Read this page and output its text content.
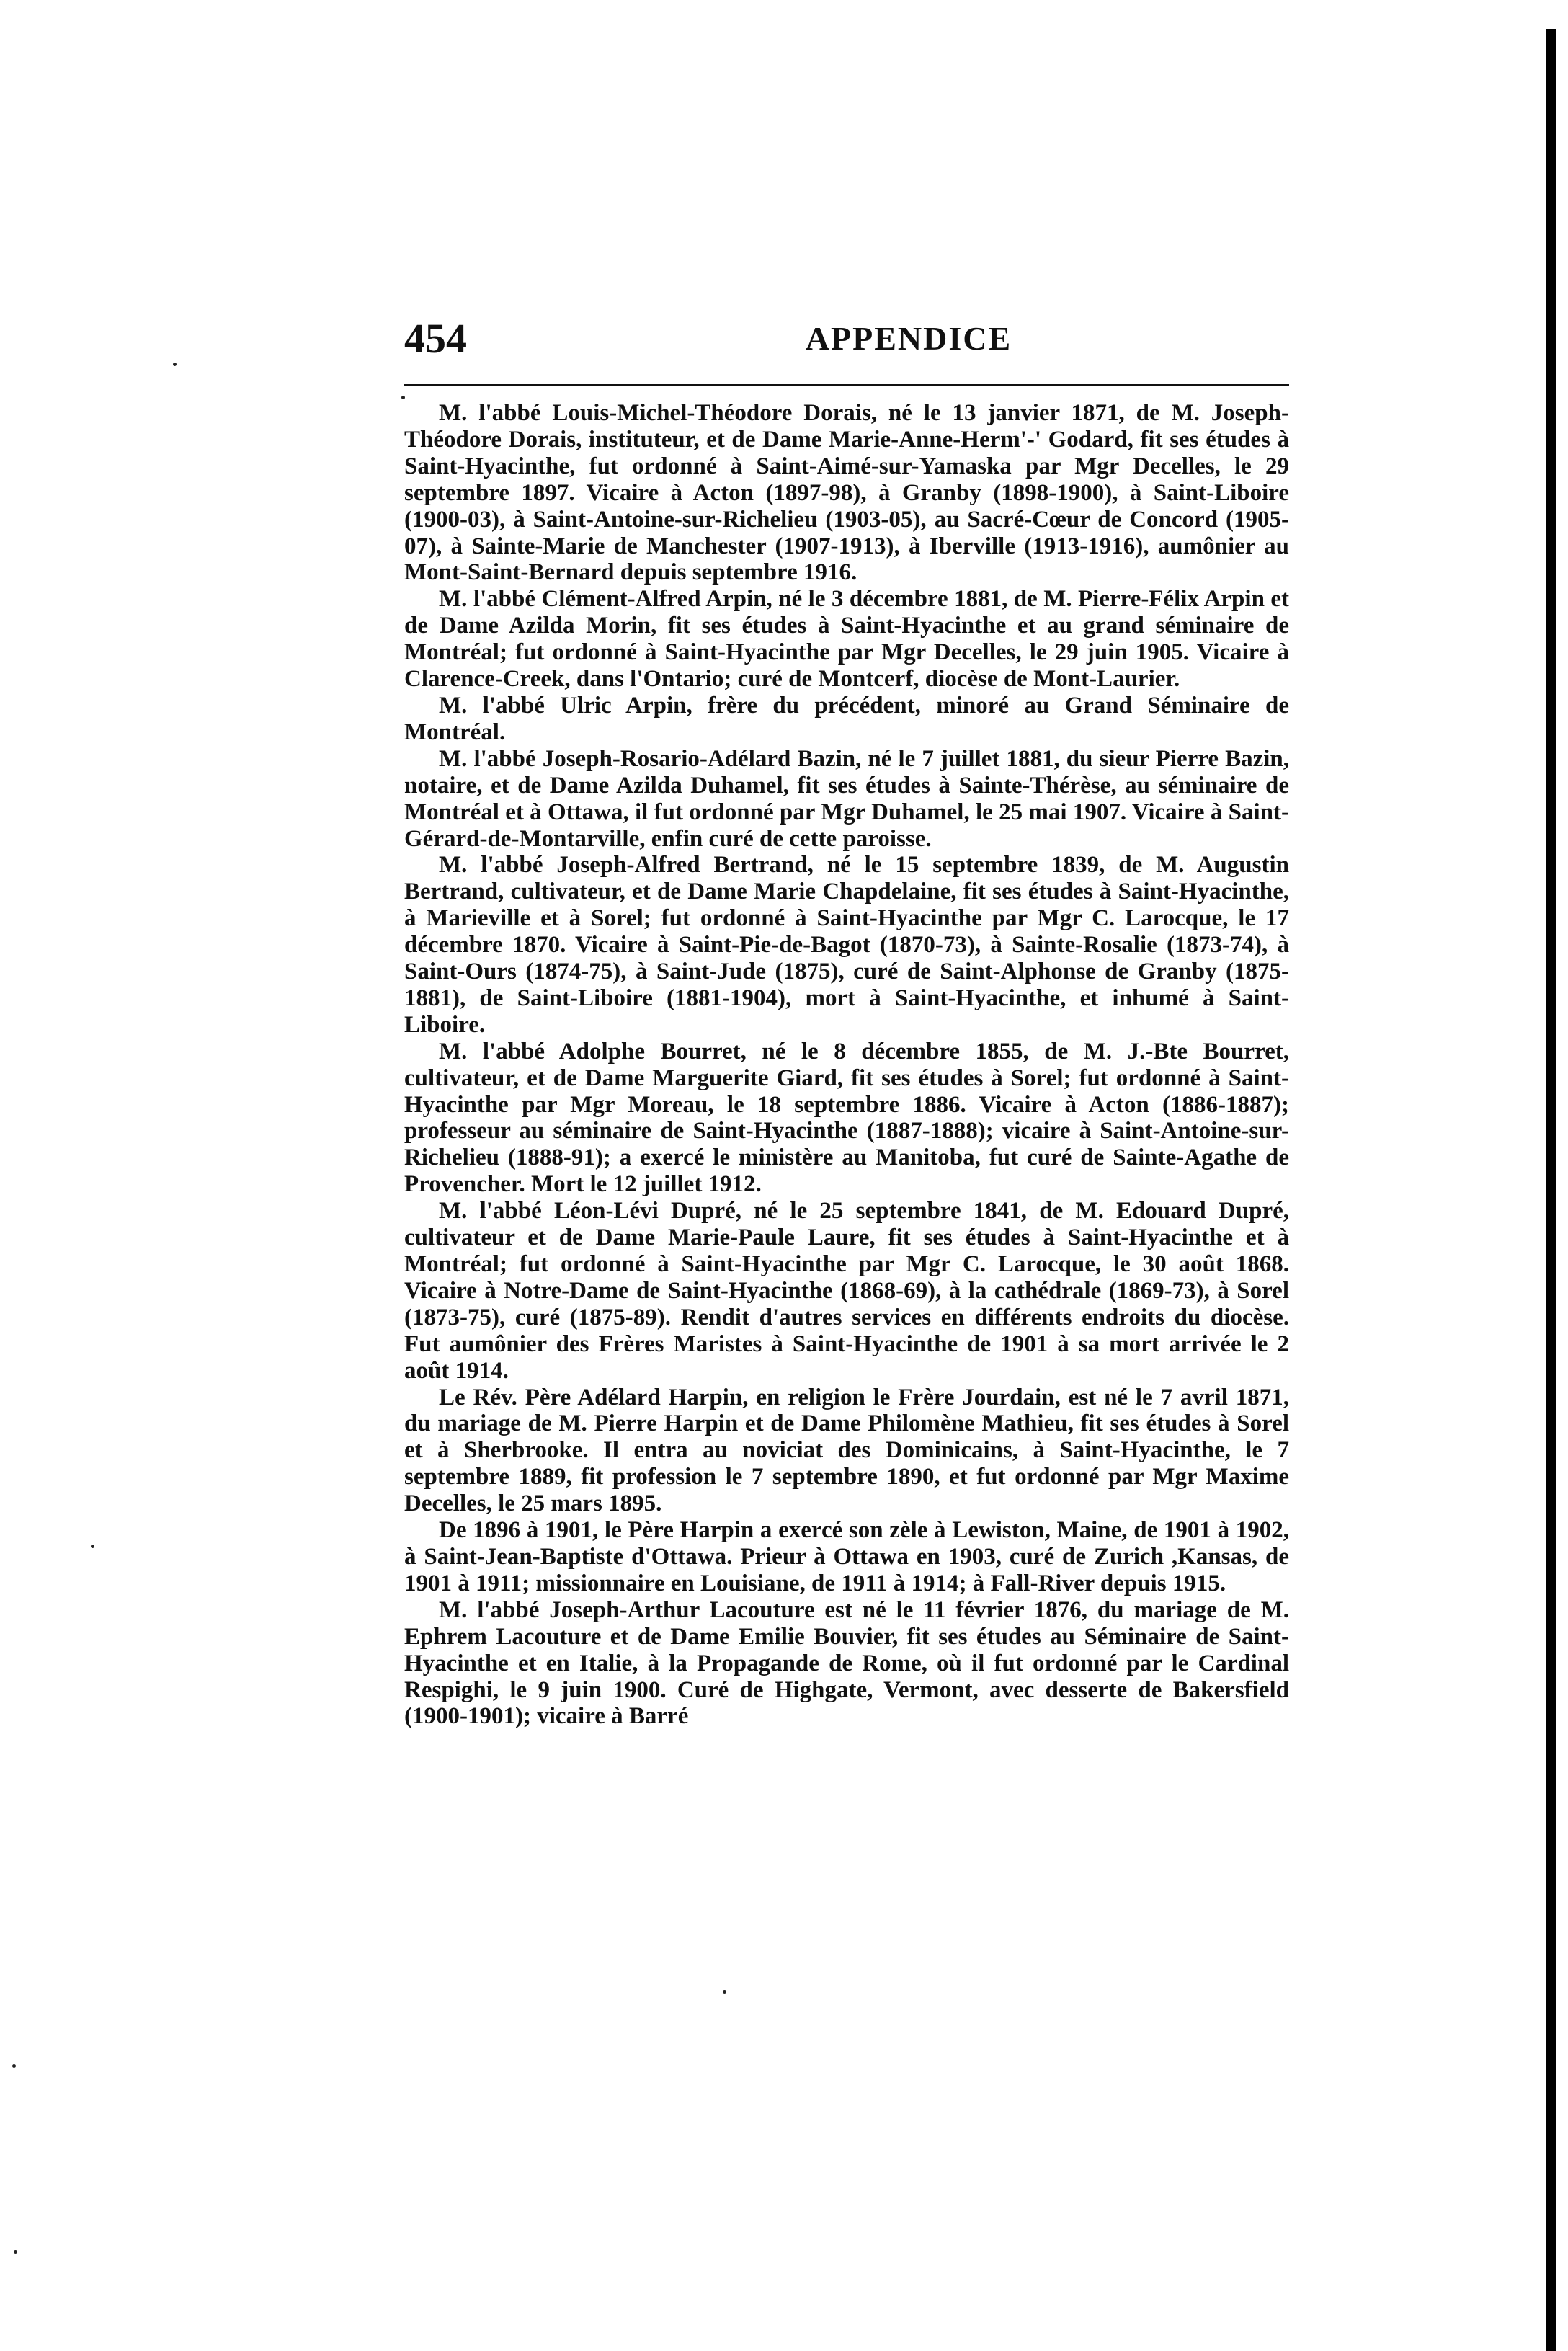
454	APPENDICE

M. l'abbé Louis-Michel-Théodore Dorais, né le 13 janvier 1871, de M. Joseph-Théodore Dorais, instituteur, et de Dame Marie-Anne-Herm'-' Godard, fit ses études à Saint-Hyacinthe, fut ordonné à Saint-Aimé-sur-Yamaska par Mgr Decelles, le 29 septembre 1897. Vicaire à Acton (1897-98), à Granby (1898-1900), à Saint-Liboire (1900-03), à Saint-Antoine-sur-Richelieu (1903-05), au Sacré-Cœur de Concord (1905-07), à Sainte-Marie de Manchester (1907-1913), à Iberville (1913-1916), aumônier au Mont-Saint-Bernard depuis septembre 1916.

M. l'abbé Clément-Alfred Arpin, né le 3 décembre 1881, de M. Pierre-Félix Arpin et de Dame Azilda Morin, fit ses études à Saint-Hyacinthe et au grand séminaire de Montréal; fut ordonné à Saint-Hyacinthe par Mgr Decelles, le 29 juin 1905. Vicaire à Clarence-Creek, dans l'Ontario; curé de Montcerf, diocèse de Mont-Laurier.

M. l'abbé Ulric Arpin, frère du précédent, minoré au Grand Séminaire de Montréal.

M. l'abbé Joseph-Rosario-Adélard Bazin, né le 7 juillet 1881, du sieur Pierre Bazin, notaire, et de Dame Azilda Duhamel, fit ses études à Sainte-Thérèse, au séminaire de Montréal et à Ottawa, il fut ordonné par Mgr Duhamel, le 25 mai 1907. Vicaire à Saint-Gérard-de-Montarville, enfin curé de cette paroisse.

M. l'abbé Joseph-Alfred Bertrand, né le 15 septembre 1839, de M. Augustin Bertrand, cultivateur, et de Dame Marie Chapdelaine, fit ses études à Saint-Hyacinthe, à Marieville et à Sorel; fut ordonné à Saint-Hyacinthe par Mgr C. Larocque, le 17 décembre 1870. Vicaire à Saint-Pie-de-Bagot (1870-73), à Sainte-Rosalie (1873-74), à Saint-Ours (1874-75), à Saint-Jude (1875), curé de Saint-Alphonse de Granby (1875-1881), de Saint-Liboire (1881-1904), mort à Saint-Hyacinthe, et inhumé à Saint-Liboire.

M. l'abbé Adolphe Bourret, né le 8 décembre 1855, de M. J.-Bte Bourret, cultivateur, et de Dame Marguerite Giard, fit ses études à Sorel; fut ordonné à Saint-Hyacinthe par Mgr Moreau, le 18 septembre 1886. Vicaire à Acton (1886-1887); professeur au séminaire de Saint-Hyacinthe (1887-1888); vicaire à Saint-Antoine-sur-Richelieu (1888-91); a exercé le ministère au Manitoba, fut curé de Sainte-Agathe de Provencher. Mort le 12 juillet 1912.

M. l'abbé Léon-Lévi Dupré, né le 25 septembre 1841, de M. Edouard Dupré, cultivateur et de Dame Marie-Paule Laure, fit ses études à Saint-Hyacinthe et à Montréal; fut ordonné à Saint-Hyacinthe par Mgr C. Larocque, le 30 août 1868. Vicaire à Notre-Dame de Saint-Hyacinthe (1868-69), à la cathédrale (1869-73), à Sorel (1873-75), curé (1875-89). Rendit d'autres services en différents endroits du diocèse. Fut aumônier des Frères Maristes à Saint-Hyacinthe de 1901 à sa mort arrivée le 2 août 1914.

Le Rév. Père Adélard Harpin, en religion le Frère Jourdain, est né le 7 avril 1871, du mariage de M. Pierre Harpin et de Dame Philomène Mathieu, fit ses études à Sorel et à Sherbrooke. Il entra au noviciat des Dominicains, à Saint-Hyacinthe, le 7 septembre 1889, fit profession le 7 septembre 1890, et fut ordonné par Mgr Maxime Decelles, le 25 mars 1895.

De 1896 à 1901, le Père Harpin a exercé son zèle à Lewiston, Maine, de 1901 à 1902, à Saint-Jean-Baptiste d'Ottawa. Prieur à Ottawa en 1903, curé de Zurich ,Kansas, de 1901 à 1911; missionnaire en Louisiane, de 1911 à 1914; à Fall-River depuis 1915.

M. l'abbé Joseph-Arthur Lacouture est né le 11 février 1876, du mariage de M. Ephrem Lacouture et de Dame Emilie Bouvier, fit ses études au Séminaire de Saint-Hyacinthe et en Italie, à la Propagande de Rome, où il fut ordonné par le Cardinal Respighi, le 9 juin 1900. Curé de Highgate, Vermont, avec desserte de Bakersfield (1900-1901); vicaire à Barré
